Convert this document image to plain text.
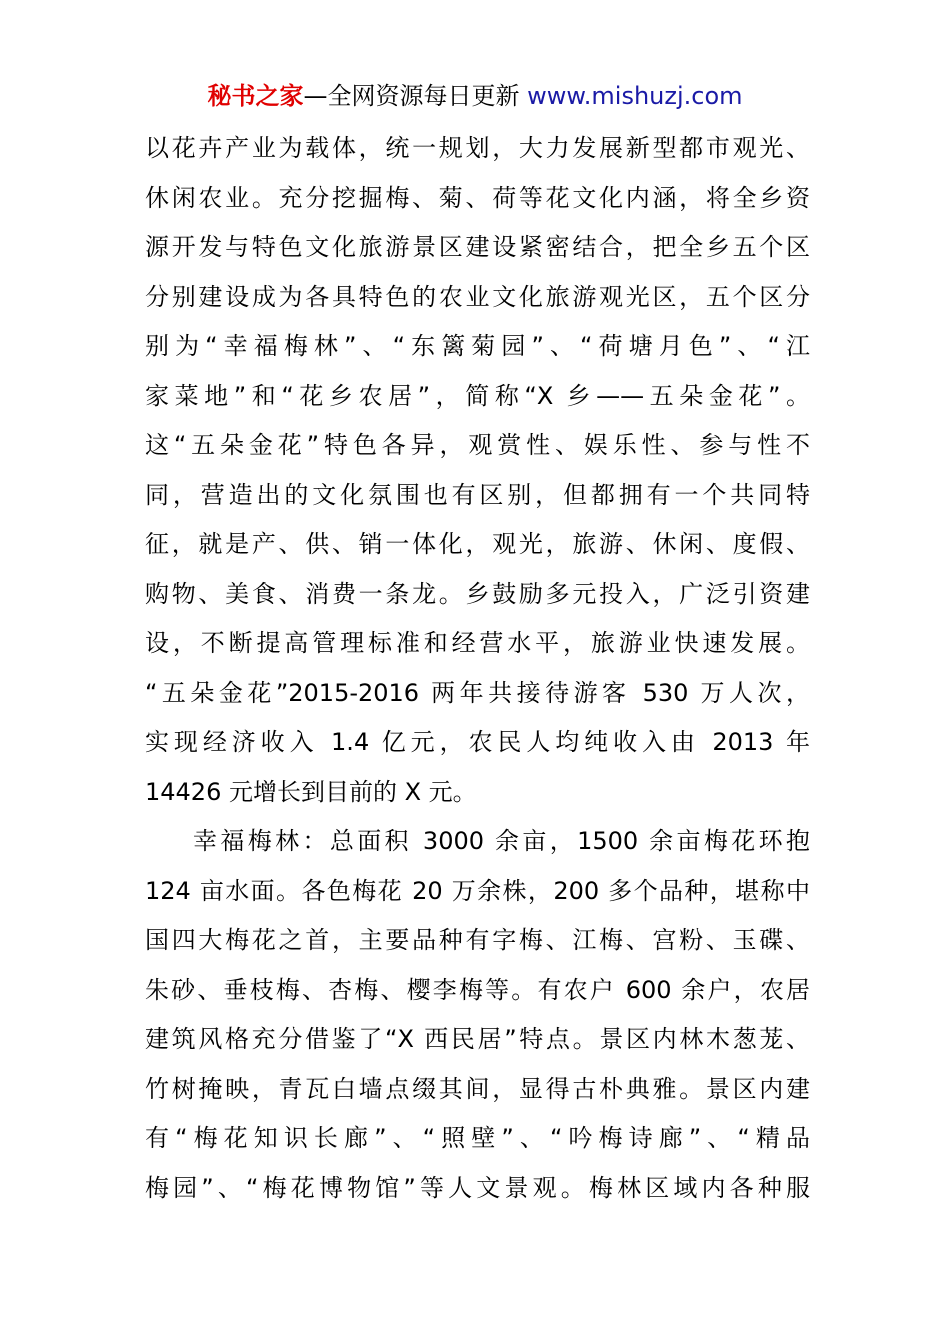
秘书之家—全网资源每日更新 www.mishuzj.com
以花卉产业为载体，统一规划，大力发展新型都市观光、
休闲农业。充分挖掘梅、菊、荷等花文化内涵，将全乡资
源开发与特色文化旅游景区建设紧密结合，把全乡五个区
分别建设成为各具特色的农业文化旅游观光区，五个区分
别为“幸福梅林”、“东篱菊园”、“荷塘月色”、“江
家菜地”和“花乡农居”，简称“X 乡——五朵金花”。
这“五朵金花”特色各异，观赏性、娱乐性、参与性不
同，营造出的文化氛围也有区别，但都拥有一个共同特
征，就是产、供、销一体化，观光，旅游、休闲、度假、
购物、美食、消费一条龙。乡鼓励多元投入，广泛引资建
设，不断提高管理标准和经营水平，旅游业快速发展。
“五朵金花”2015-2016 两年共接待游客 530 万人次，
实现经济收入 1.4 亿元，农民人均纯收入由 2013 年
14426 元增长到目前的 X 元。
幸福梅林：总面积 3000 余亩，1500 余亩梅花环抱
124 亩水面。各色梅花 20 万余株，200 多个品种，堪称中
国四大梅花之首，主要品种有字梅、江梅、宫粉、玉碟、
朱砂、垂枝梅、杏梅、樱李梅等。有农户 600 余户，农居
建筑风格充分借鉴了“X 西民居”特点。景区内林木葱茏、
竹树掩映，青瓦白墙点缀其间，显得古朴典雅。景区内建
有“梅花知识长廊”、“照壁”、“吟梅诗廊”、“精品
梅园”、“梅花博物馆”等人文景观。梅林区域内各种服
